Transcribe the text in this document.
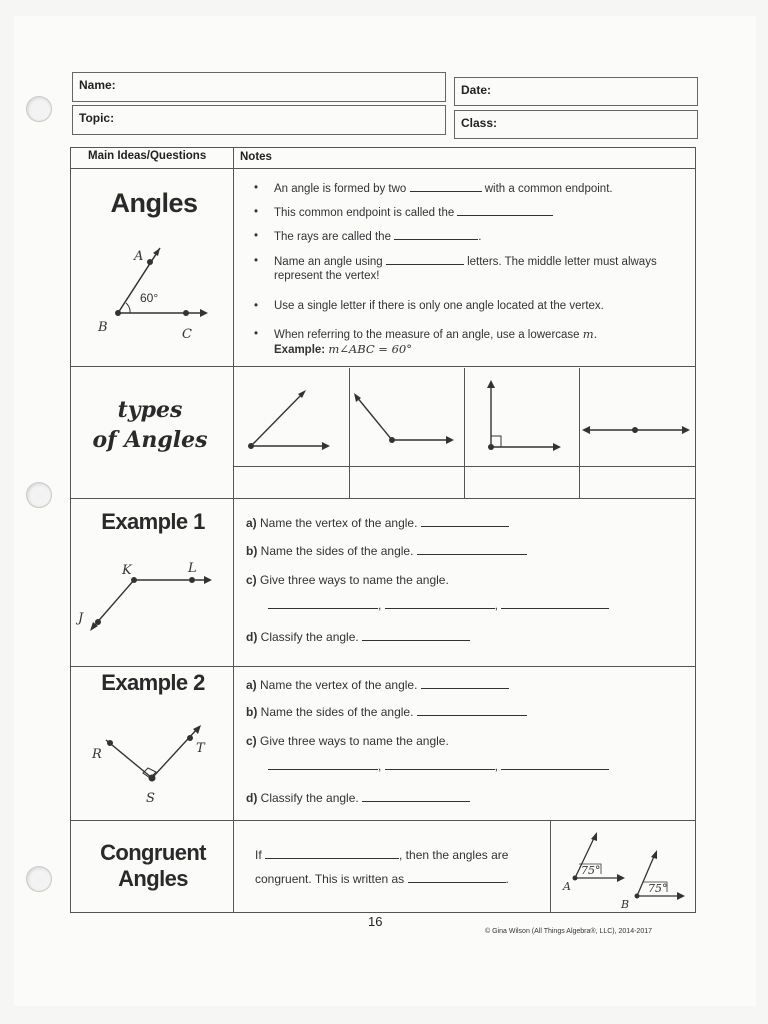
Name:	Date:
Topic:	Class:
Main Ideas/Questions	Notes
Angles
A
B	C
60°
• An angle is formed by two	with a common endpoint.
• This common endpoint is called the
• The rays are called the	.
• Name an angle using	letters. The middle letter must always represent the vertex!
• Use a single letter if there is only one angle located at the vertex.
• When referring to the measure of an angle, use a lowercase m.
Example: m∠ABC = 60°
types
of Angles
Example 1
K	L
J
a) Name the vertex of the angle.
b) Name the sides of the angle.
c) Give three ways to name the angle.
,	,
d) Classify the angle.
Example 2
R	T
S
a) Name the vertex of the angle.
b) Name the sides of the angle.
c) Give three ways to name the angle.
,	,
d) Classify the angle.
Congruent
Angles
If	, then the angles are
congruent. This is written as	.
75°
A	75°
B
16
© Gina Wilson (All Things Algebra®, LLC), 2014-2017
